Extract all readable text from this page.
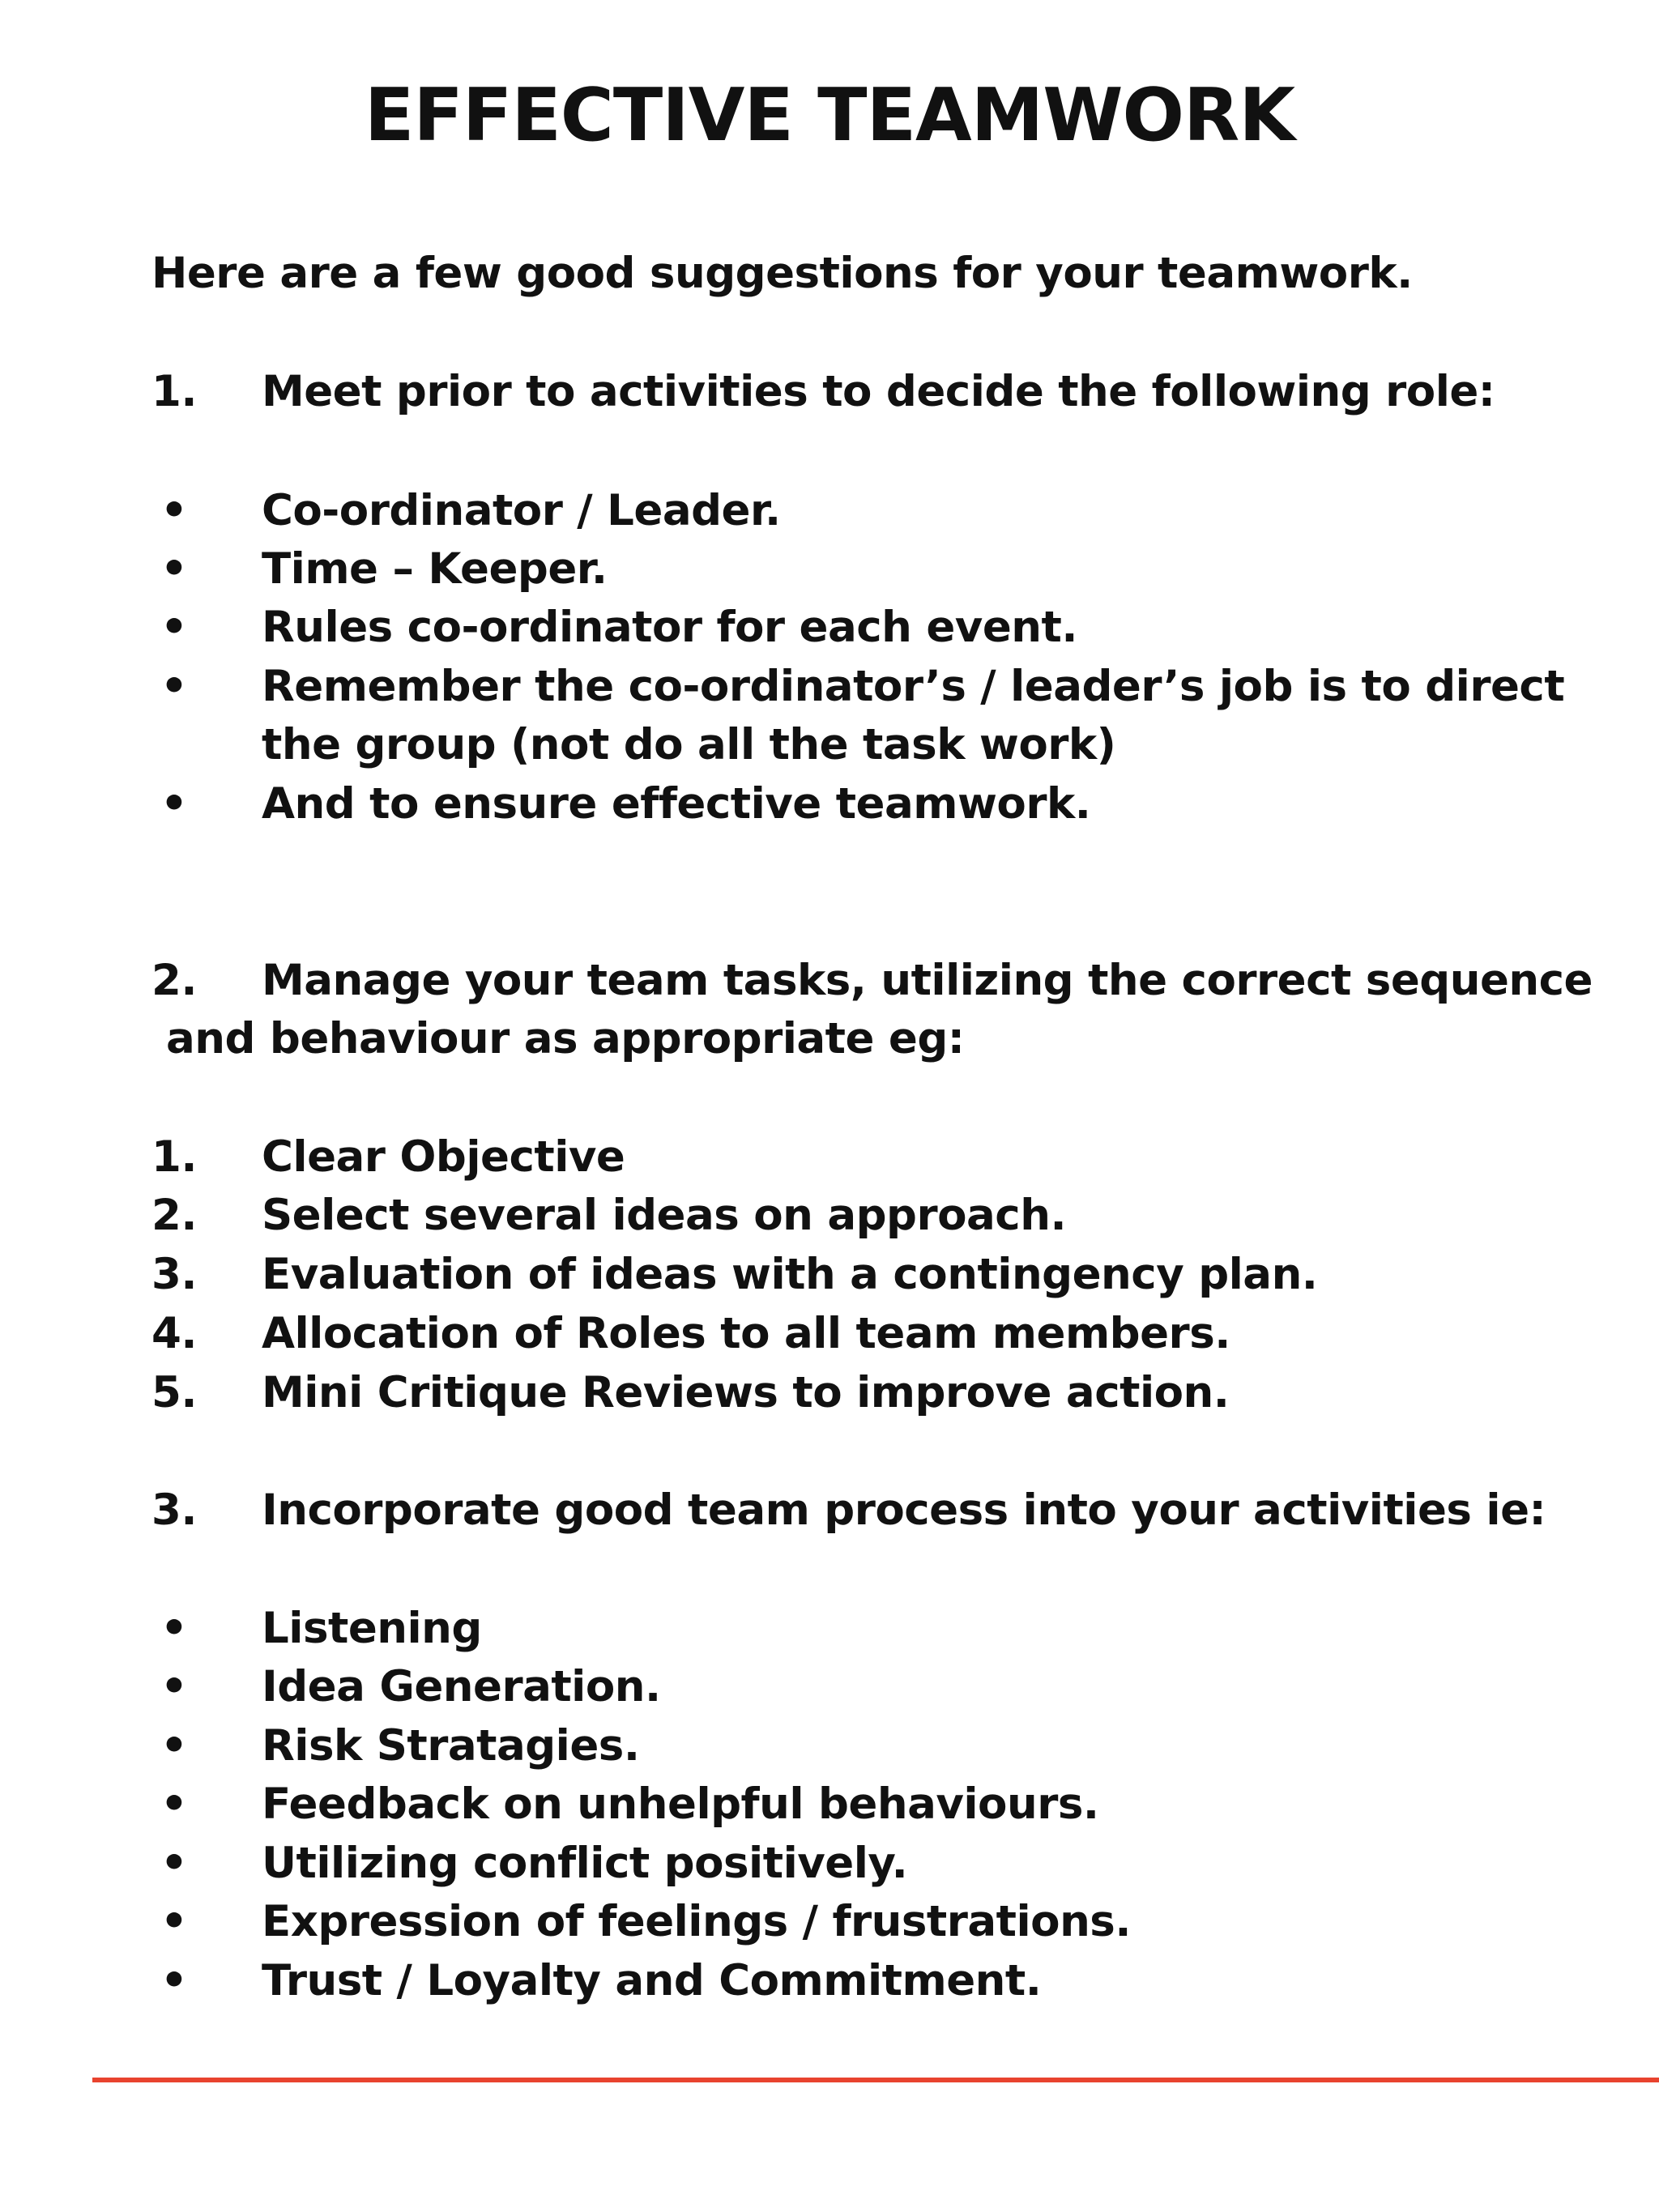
EFFECTIVE TEAMWORK
Here are a few good suggestions for your teamwork.
1. Meet prior to activities to decide the following role:
• Co-ordinator / Leader.
• Time – Keeper.
• Rules co-ordinator for each event.
• Remember the co-ordinator’s / leader’s job is to direct
the group (not do all the task work)
• And to ensure effective teamwork.
2. Manage your team tasks, utilizing the correct sequence
and behaviour as appropriate eg:
1. Clear Objective
2. Select several ideas on approach.
3. Evaluation of ideas with a contingency plan.
4. Allocation of Roles to all team members.
5. Mini Critique Reviews to improve action.
3. Incorporate good team process into your activities ie:
• Listening
• Idea Generation.
• Risk Stratagies.
• Feedback on unhelpful behaviours.
• Utilizing conflict positively.
• Expression of feelings / frustrations.
• Trust / Loyalty and Commitment.
